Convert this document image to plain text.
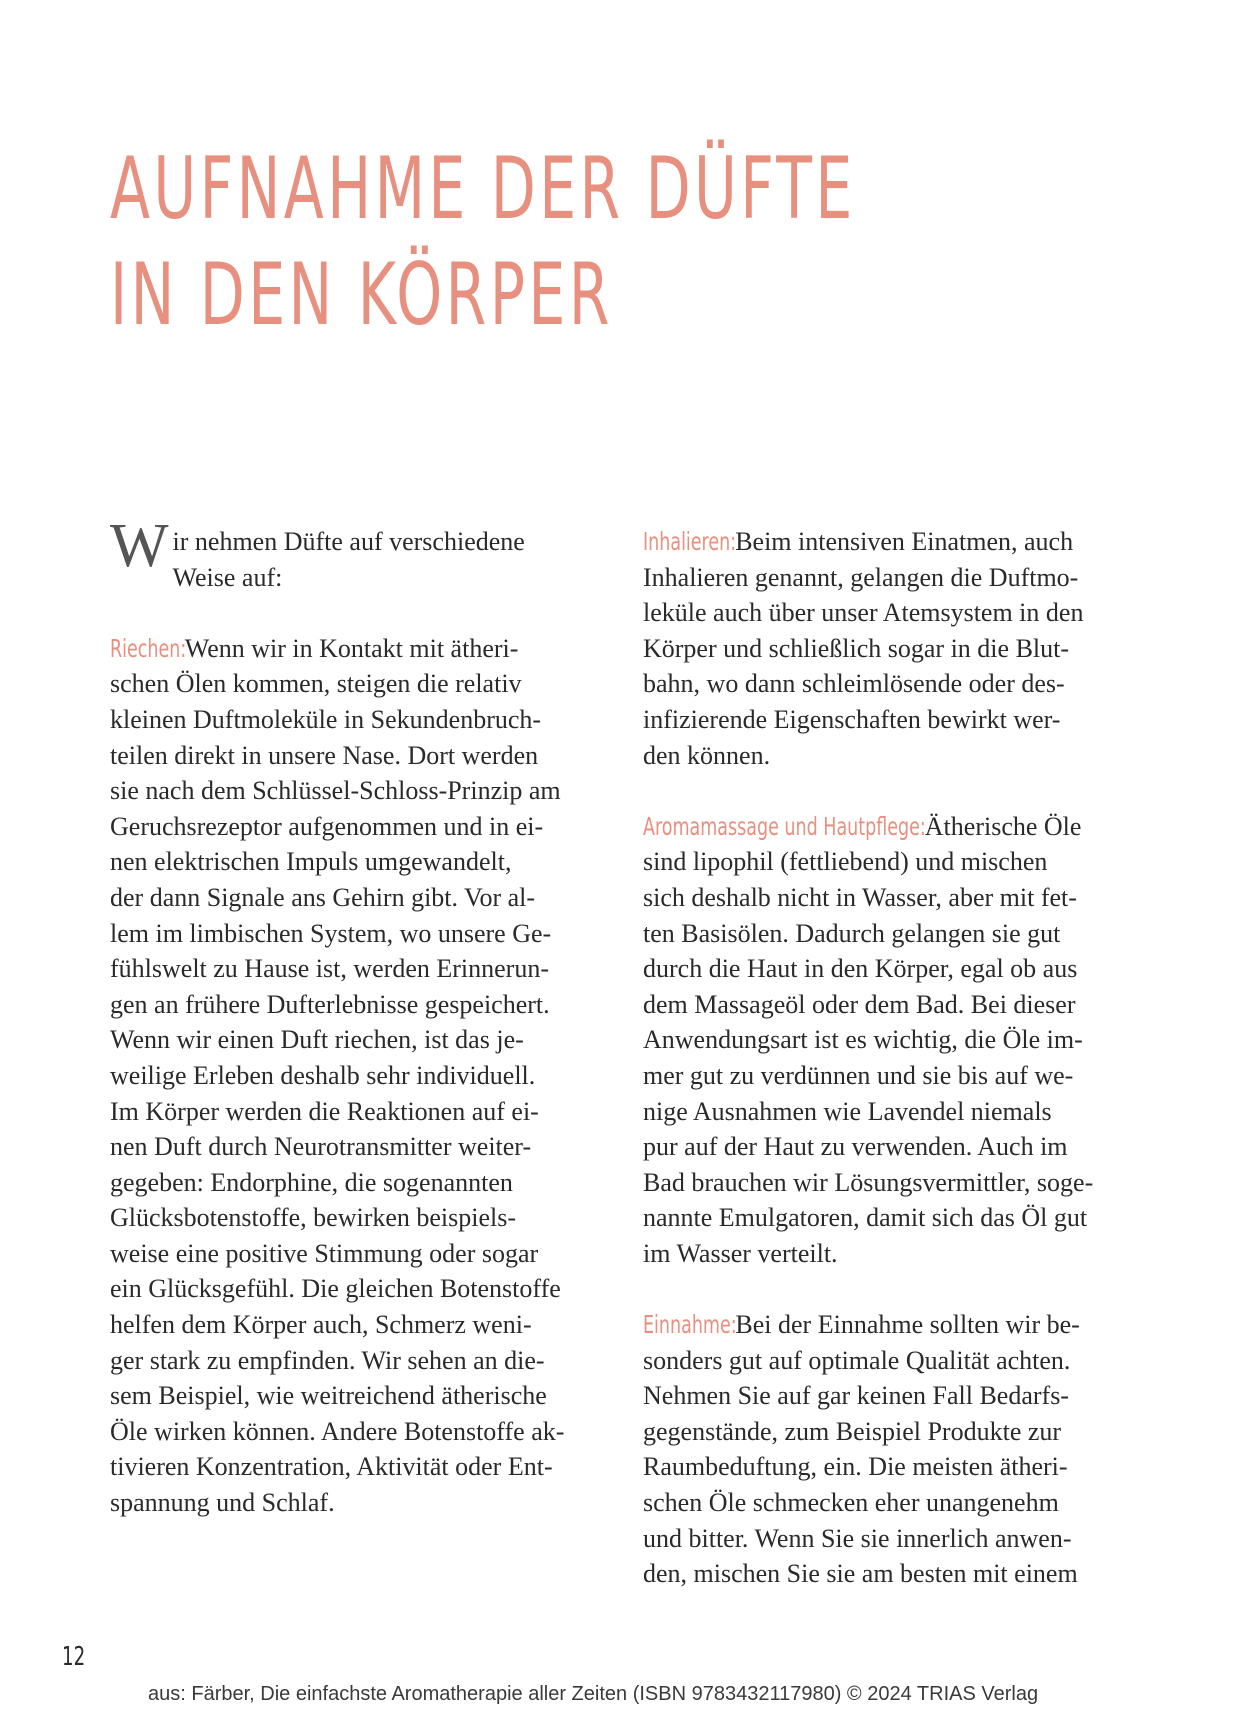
AUFNAHME DER DÜFTE
IN DEN KÖRPER
W ir nehmen Düfte auf verschiedene
Weise auf:
Riechen: Wenn wir in Kontakt mit ätheri-
schen Ölen kommen, steigen die relativ
kleinen Duftmoleküle in Sekundenbruch-
teilen direkt in unsere Nase. Dort werden
sie nach dem Schlüssel-Schloss-Prinzip am
Geruchsrezeptor aufgenommen und in ei-
nen elektrischen Impuls umgewandelt,
der dann Signale ans Gehirn gibt. Vor al-
lem im limbischen System, wo unsere Ge-
fühlswelt zu Hause ist, werden Erinnerun-
gen an frühere Dufterlebnisse gespeichert.
Wenn wir einen Duft riechen, ist das je-
weilige Erleben deshalb sehr individuell.
Im Körper werden die Reaktionen auf ei-
nen Duft durch Neurotransmitter weiter-
gegeben: Endorphine, die sogenannten
Glücksbotenstoffe, bewirken beispiels-
weise eine positive Stimmung oder sogar
ein Glücksgefühl. Die gleichen Botenstoffe
helfen dem Körper auch, Schmerz weni-
ger stark zu empfinden. Wir sehen an die-
sem Beispiel, wie weitreichend ätherische
Öle wirken können. Andere Botenstoffe ak-
tivieren Konzentration, Aktivität oder Ent-
spannung und Schlaf.
Inhalieren: Beim intensiven Einatmen, auch
Inhalieren genannt, gelangen die Duftmo-
leküle auch über unser Atemsystem in den
Körper und schließlich sogar in die Blut-
bahn, wo dann schleimlösende oder des-
infizierende Eigenschaften bewirkt wer-
den können.
Aromamassage und Hautpflege: Ätherische Öle
sind lipophil (fettliebend) und mischen
sich deshalb nicht in Wasser, aber mit fet-
ten Basisölen. Dadurch gelangen sie gut
durch die Haut in den Körper, egal ob aus
dem Massageöl oder dem Bad. Bei dieser
Anwendungsart ist es wichtig, die Öle im-
mer gut zu verdünnen und sie bis auf we-
nige Ausnahmen wie Lavendel niemals
pur auf der Haut zu verwenden. Auch im
Bad brauchen wir Lösungsvermittler, soge-
nannte Emulgatoren, damit sich das Öl gut
im Wasser verteilt.
Einnahme: Bei der Einnahme sollten wir be-
sonders gut auf optimale Qualität achten.
Nehmen Sie auf gar keinen Fall Bedarfs-
gegenstände, zum Beispiel Produkte zur
Raumbeduftung, ein. Die meisten ätheri-
schen Öle schmecken eher unangenehm
und bitter. Wenn Sie sie innerlich anwen-
den, mischen Sie sie am besten mit einem
12
aus: Färber, Die einfachste Aromatherapie aller Zeiten (ISBN 9783432117980) © 2024 TRIAS Verlag
